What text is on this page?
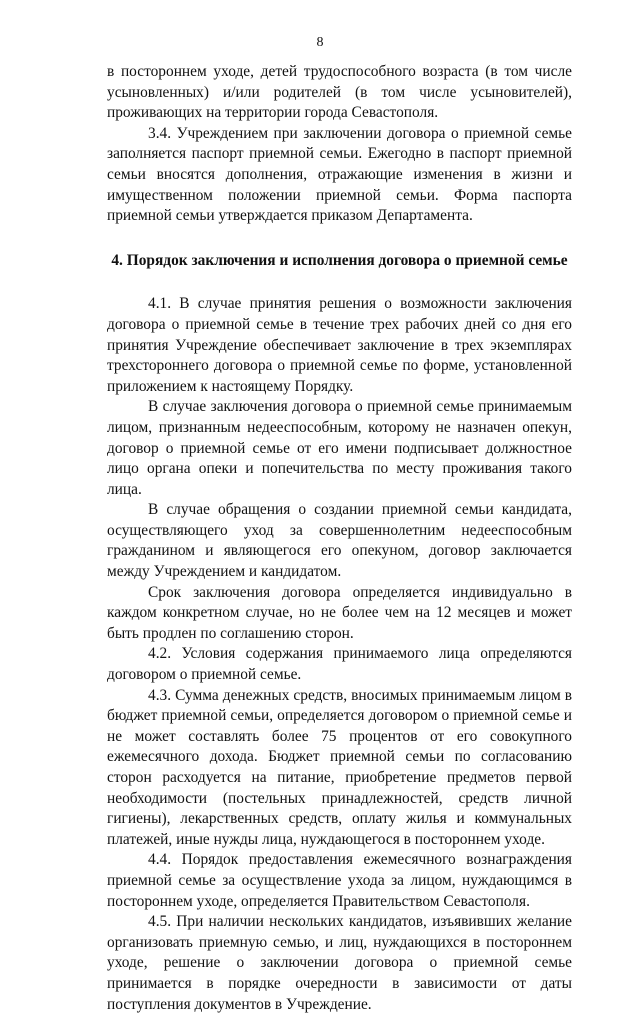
8

в постороннем уходе, детей трудоспособного возраста (в том числе усыновленных) и/или родителей (в том числе усыновителей), проживающих на территории города Севастополя.

3.4. Учреждением при заключении договора о приемной семье заполняется паспорт приемной семьи. Ежегодно в паспорт приемной семьи вносятся дополнения, отражающие изменения в жизни и имущественном положении приемной семьи. Форма паспорта приемной семьи утверждается приказом Департамента.

4. Порядок заключения и исполнения договора о приемной семье

4.1. В случае принятия решения о возможности заключения договора о приемной семье в течение трех рабочих дней со дня его принятия Учреждение обеспечивает заключение в трех экземплярах трехстороннего договора о приемной семье по форме, установленной приложением к настоящему Порядку.

В случае заключения договора о приемной семье принимаемым лицом, признанным недееспособным, которому не назначен опекун, договор о приемной семье от его имени подписывает должностное лицо органа опеки и попечительства по месту проживания такого лица.

В случае обращения о создании приемной семьи кандидата, осуществляющего уход за совершеннолетним недееспособным гражданином и являющегося его опекуном, договор заключается между Учреждением и кандидатом.

Срок заключения договора определяется индивидуально в каждом конкретном случае, но не более чем на 12 месяцев и может быть продлен по соглашению сторон.

4.2. Условия содержания принимаемого лица определяются договором о приемной семье.

4.3. Сумма денежных средств, вносимых принимаемым лицом в бюджет приемной семьи, определяется договором о приемной семье и не может составлять более 75 процентов от его совокупного ежемесячного дохода. Бюджет приемной семьи по согласованию сторон расходуется на питание, приобретение предметов первой необходимости (постельных принадлежностей, средств личной гигиены), лекарственных средств, оплату жилья и коммунальных платежей, иные нужды лица, нуждающегося в постороннем уходе.

4.4. Порядок предоставления ежемесячного вознаграждения приемной семье за осуществление ухода за лицом, нуждающимся в постороннем уходе, определяется Правительством Севастополя.

4.5. При наличии нескольких кандидатов, изъявивших желание организовать приемную семью, и лиц, нуждающихся в постороннем уходе, решение о заключении договора о приемной семье принимается в порядке очередности в зависимости от даты поступления документов в Учреждение.
